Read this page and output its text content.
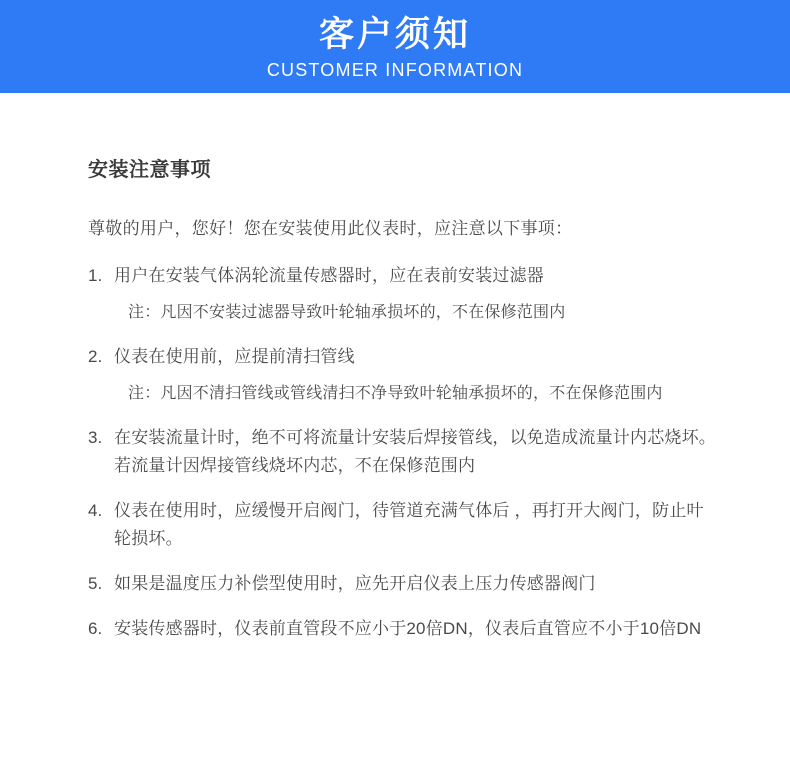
客户须知
CUSTOMER INFORMATION
安装注意事项

尊敬的用户，您好！您在安装使用此仪表时，应注意以下事项：

1. 用户在安装气体涡轮流量传感器时，应在表前安装过滤器
注：凡因不安装过滤器导致叶轮轴承损坏的，不在保修范围内
2. 仪表在使用前，应提前清扫管线
注：凡因不清扫管线或管线清扫不净导致叶轮轴承损坏的，不在保修范围内
3. 在安装流量计时，绝不可将流量计安装后焊接管线，以免造成流量计内芯烧坏。若流量计因焊接管线烧坏内芯，不在保修范围内
4. 仪表在使用时，应缓慢开启阀门，待管道充满气体后 ，再打开大阀门，防止叶轮损坏。
5. 如果是温度压力补偿型使用时，应先开启仪表上压力传感器阀门
6. 安装传感器时，仪表前直管段不应小于20倍DN，仪表后直管应不小于10倍DN
